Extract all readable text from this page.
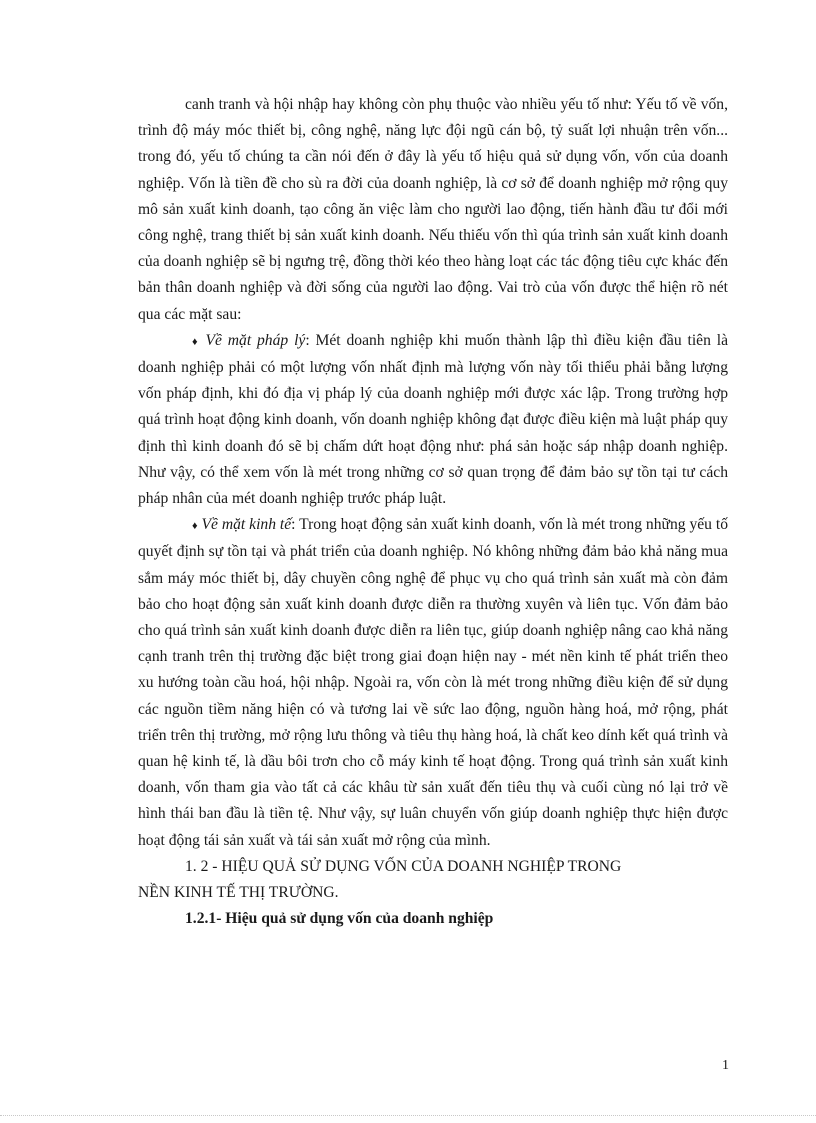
canh tranh và hội nhập hay không còn phụ thuộc vào nhiều yếu tố như: Yếu tố về vốn, trình độ máy móc thiết bị, công nghệ, năng lực đội ngũ cán bộ, tỷ suất lợi nhuận trên vốn... trong đó, yếu tố chúng ta cần nói đến ở đây là yếu tố hiệu quả sử dụng vốn, vốn của doanh nghiệp. Vốn là tiền đề cho sù ra đời của doanh nghiệp, là cơ sở để doanh nghiệp mở rộng quy mô sản xuất kinh doanh, tạo công ăn việc làm cho người lao động, tiến hành đầu tư đổi mới công nghệ, trang thiết bị sản xuất kinh doanh. Nếu thiếu vốn thì qúa trình sản xuất kinh doanh của doanh nghiệp sẽ bị ngưng trệ, đồng thời kéo theo hàng loạt các tác động tiêu cực khác đến bản thân doanh nghiệp và đời sống của người lao động. Vai trò của vốn được thể hiện rõ nét qua các mặt sau:

♦ Về mặt pháp lý: Mét doanh nghiệp khi muốn thành lập thì điều kiện đầu tiên là doanh nghiệp phải có một lượng vốn nhất định mà lượng vốn này tối thiểu phải bằng lượng vốn pháp định, khi đó địa vị pháp lý của doanh nghiệp mới được xác lập. Trong trường hợp quá trình hoạt động kinh doanh, vốn doanh nghiệp không đạt được điều kiện mà luật pháp quy định thì kinh doanh đó sẽ bị chấm dứt hoạt động như: phá sản hoặc sáp nhập doanh nghiệp. Như vậy, có thể xem vốn là mét trong những cơ sở quan trọng để đảm bảo sự tồn tại tư cách pháp nhân của mét doanh nghiệp trước pháp luật.

♦ Về mặt kinh tế: Trong hoạt động sản xuất kinh doanh, vốn là mét trong những yếu tố quyết định sự tồn tại và phát triển của doanh nghiệp. Nó không những đảm bảo khả năng mua sắm máy móc thiết bị, dây chuyền công nghệ để phục vụ cho quá trình sản xuất mà còn đảm bảo cho hoạt động sản xuất kinh doanh được diễn ra thường xuyên và liên tục. Vốn đảm bảo cho quá trình sản xuất kinh doanh được diễn ra liên tục, giúp doanh nghiệp nâng cao khả năng cạnh tranh trên thị trường đặc biệt trong giai đoạn hiện nay - mét nền kinh tế phát triển theo xu hướng toàn cầu hoá, hội nhập. Ngoài ra, vốn còn là mét trong những điều kiện để sử dụng các nguồn tiềm năng hiện có và tương lai về sức lao động, nguồn hàng hoá, mở rộng, phát triển trên thị trường, mở rộng lưu thông và tiêu thụ hàng hoá, là chất keo dính kết quá trình và quan hệ kinh tế, là dầu bôi trơn cho cỗ máy kinh tế hoạt động. Trong quá trình sản xuất kinh doanh, vốn tham gia vào tất cả các khâu từ sản xuất đến tiêu thụ và cuối cùng nó lại trở về hình thái ban đầu là tiền tệ. Như vậy, sự luân chuyển vốn giúp doanh nghiệp thực hiện được hoạt động tái sản xuất và tái sản xuất mở rộng của mình.

1. 2 - HIỆU QUẢ SỬ DỤNG VỐN CỦA DOANH NGHIỆP TRONG
NỀN KINH TẾ THỊ TRƯỜNG.

1.2.1- Hiệu quả sử dụng vốn của doanh nghiệp

1
